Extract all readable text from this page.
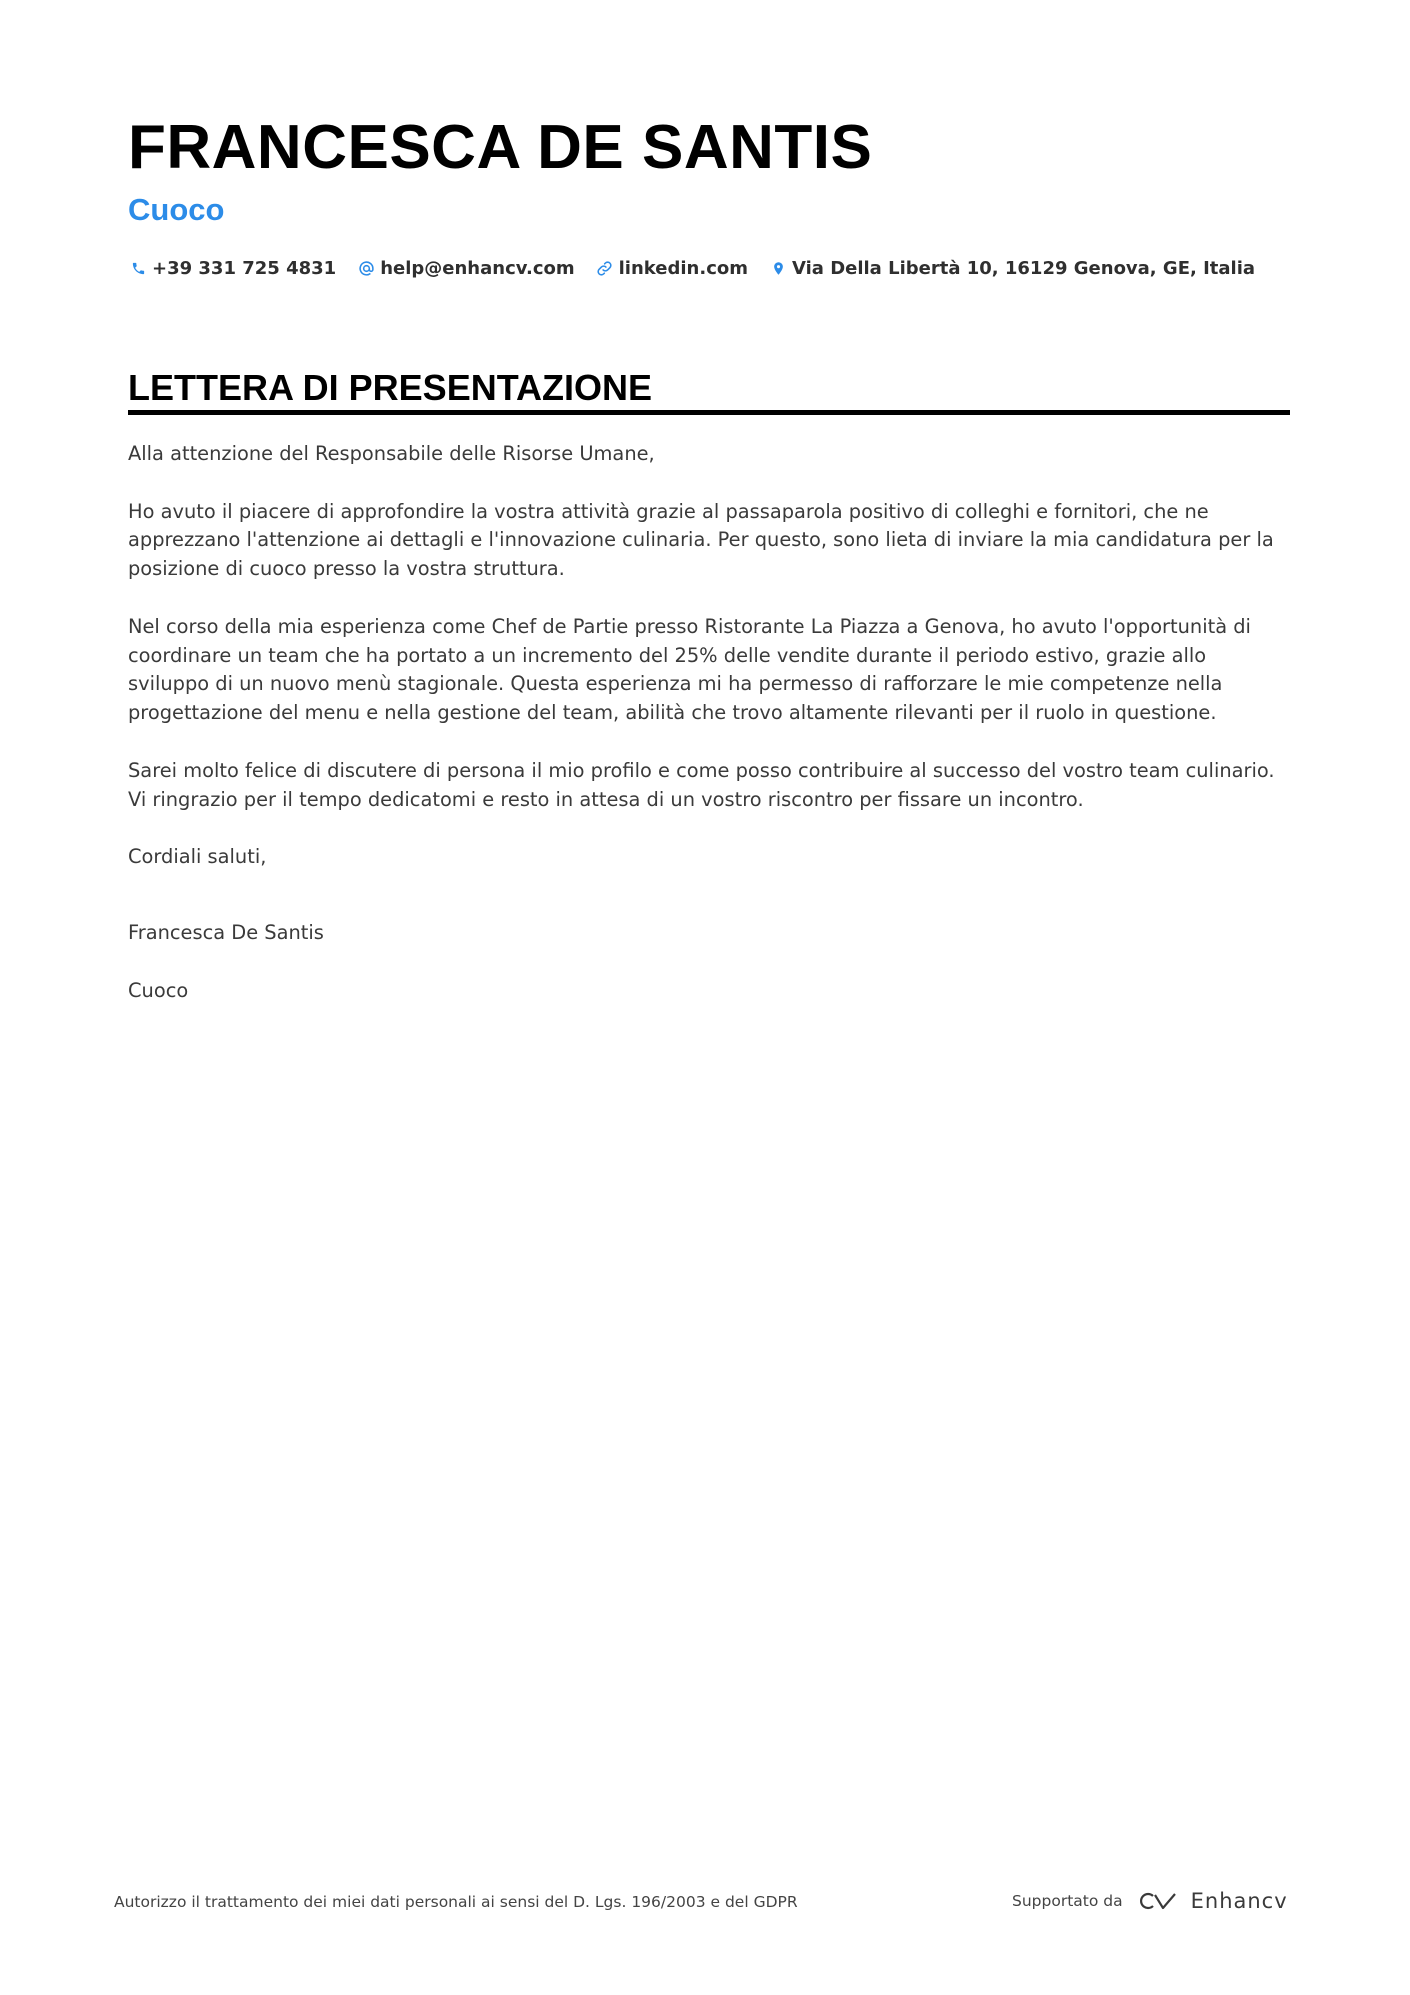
FRANCESCA DE SANTIS
Cuoco
+39 331 725 4831 help@enhancv.com linkedin.com Via Della Libertà 10, 16129 Genova, GE, Italia
LETTERA DI PRESENTAZIONE

Alla attenzione del Responsabile delle Risorse Umane,

Ho avuto il piacere di approfondire la vostra attività grazie al passaparola positivo di colleghi e fornitori, che ne apprezzano l'attenzione ai dettagli e l'innovazione culinaria. Per questo, sono lieta di inviare la mia candidatura per la posizione di cuoco presso la vostra struttura.

Nel corso della mia esperienza come Chef de Partie presso Ristorante La Piazza a Genova, ho avuto l'opportunità di coordinare un team che ha portato a un incremento del 25% delle vendite durante il periodo estivo, grazie allo sviluppo di un nuovo menù stagionale. Questa esperienza mi ha permesso di rafforzare le mie competenze nella progettazione del menu e nella gestione del team, abilità che trovo altamente rilevanti per il ruolo in questione.

Sarei molto felice di discutere di persona il mio profilo e come posso contribuire al successo del vostro team culinario. Vi ringrazio per il tempo dedicatomi e resto in attesa di un vostro riscontro per fissare un incontro.

Cordiali saluti,

Francesca De Santis

Cuoco

Autorizzo il trattamento dei miei dati personali ai sensi del D. Lgs. 196/2003 e del GDPR	Supportato da	Enhancv
